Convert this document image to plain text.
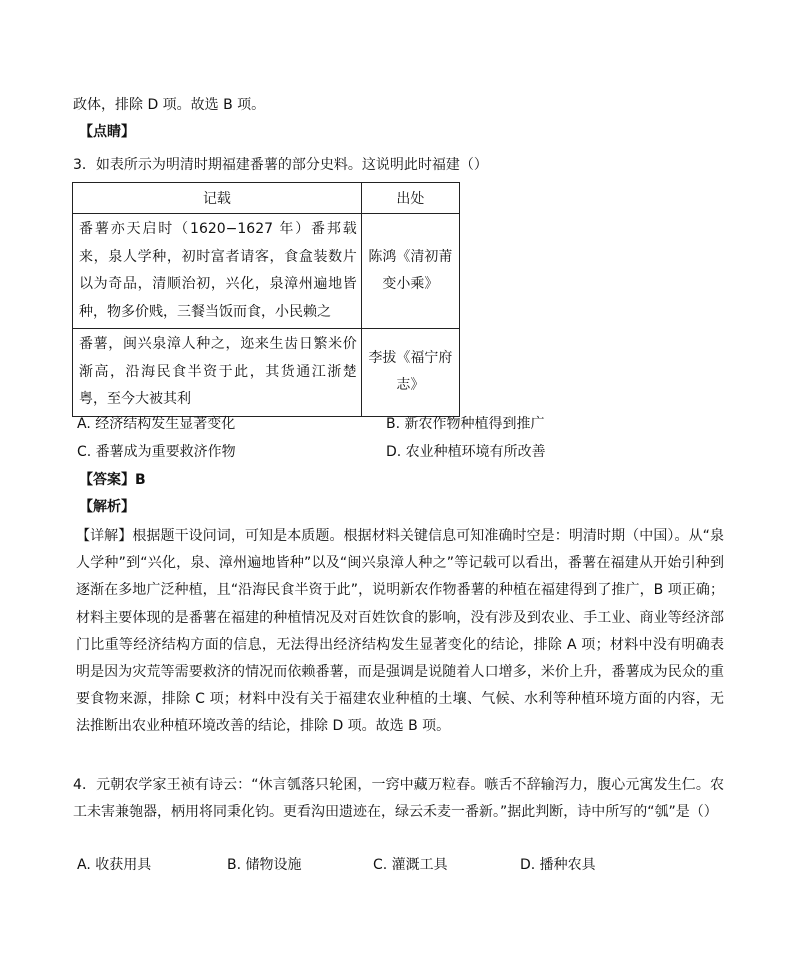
政体，排除 D 项。故选 B 项。
【点睛】
3．如表所示为明清时期福建番薯的部分史料。这说明此时福建（）
记载	出处
番薯亦天启时（1620−1627 年）番邦载来，泉人学种，初时富者请客，食盒装数片以为奇品，清顺治初，兴化，泉漳州遍地皆种，物多价贱，三餐当饭而食，小民赖之	陈鸿《清初莆变小乘》
番薯，闽兴泉漳人种之，迩来生齿日繁米价渐高，沿海民食半资于此，其货通江浙楚粤，至今大被其利	李拔《福宁府志》
A. 经济结构发生显著变化	B. 新农作物种植得到推广
C. 番薯成为重要救济作物	D. 农业种植环境有所改善
【答案】B
【解析】
【详解】根据题干设问词，可知是本质题。根据材料关键信息可知准确时空是：明清时期（中国）。从“泉人学种”到“兴化，泉、漳州遍地皆种”以及“闽兴泉漳人种之”等记载可以看出，番薯在福建从开始引种到逐渐在多地广泛种植，且“沿海民食半资于此”，说明新农作物番薯的种植在福建得到了推广，B 项正确；材料主要体现的是番薯在福建的种植情况及对百姓饮食的影响，没有涉及到农业、手工业、商业等经济部门比重等经济结构方面的信息，无法得出经济结构发生显著变化的结论，排除 A 项；材料中没有明确表明是因为灾荒等需要救济的情况而依赖番薯，而是强调是说随着人口增多，米价上升，番薯成为民众的重要食物来源，排除 C 项；材料中没有关于福建农业种植的土壤、气候、水利等种植环境方面的内容，无法推断出农业种植环境改善的结论，排除 D 项。故选 B 项。
4．元朝农学家王祯有诗云：“休言瓠落只轮囷，一窍中藏万粒春。嗾舌不辞输泻力，腹心元寓发生仁。农工未害兼匏器，柄用将同秉化钧。更看沟田遗迹在，绿云禾麦一番新。”据此判断，诗中所写的“瓠”是（）
A. 收获用具	B. 储物设施	C. 灌溉工具	D. 播种农具
